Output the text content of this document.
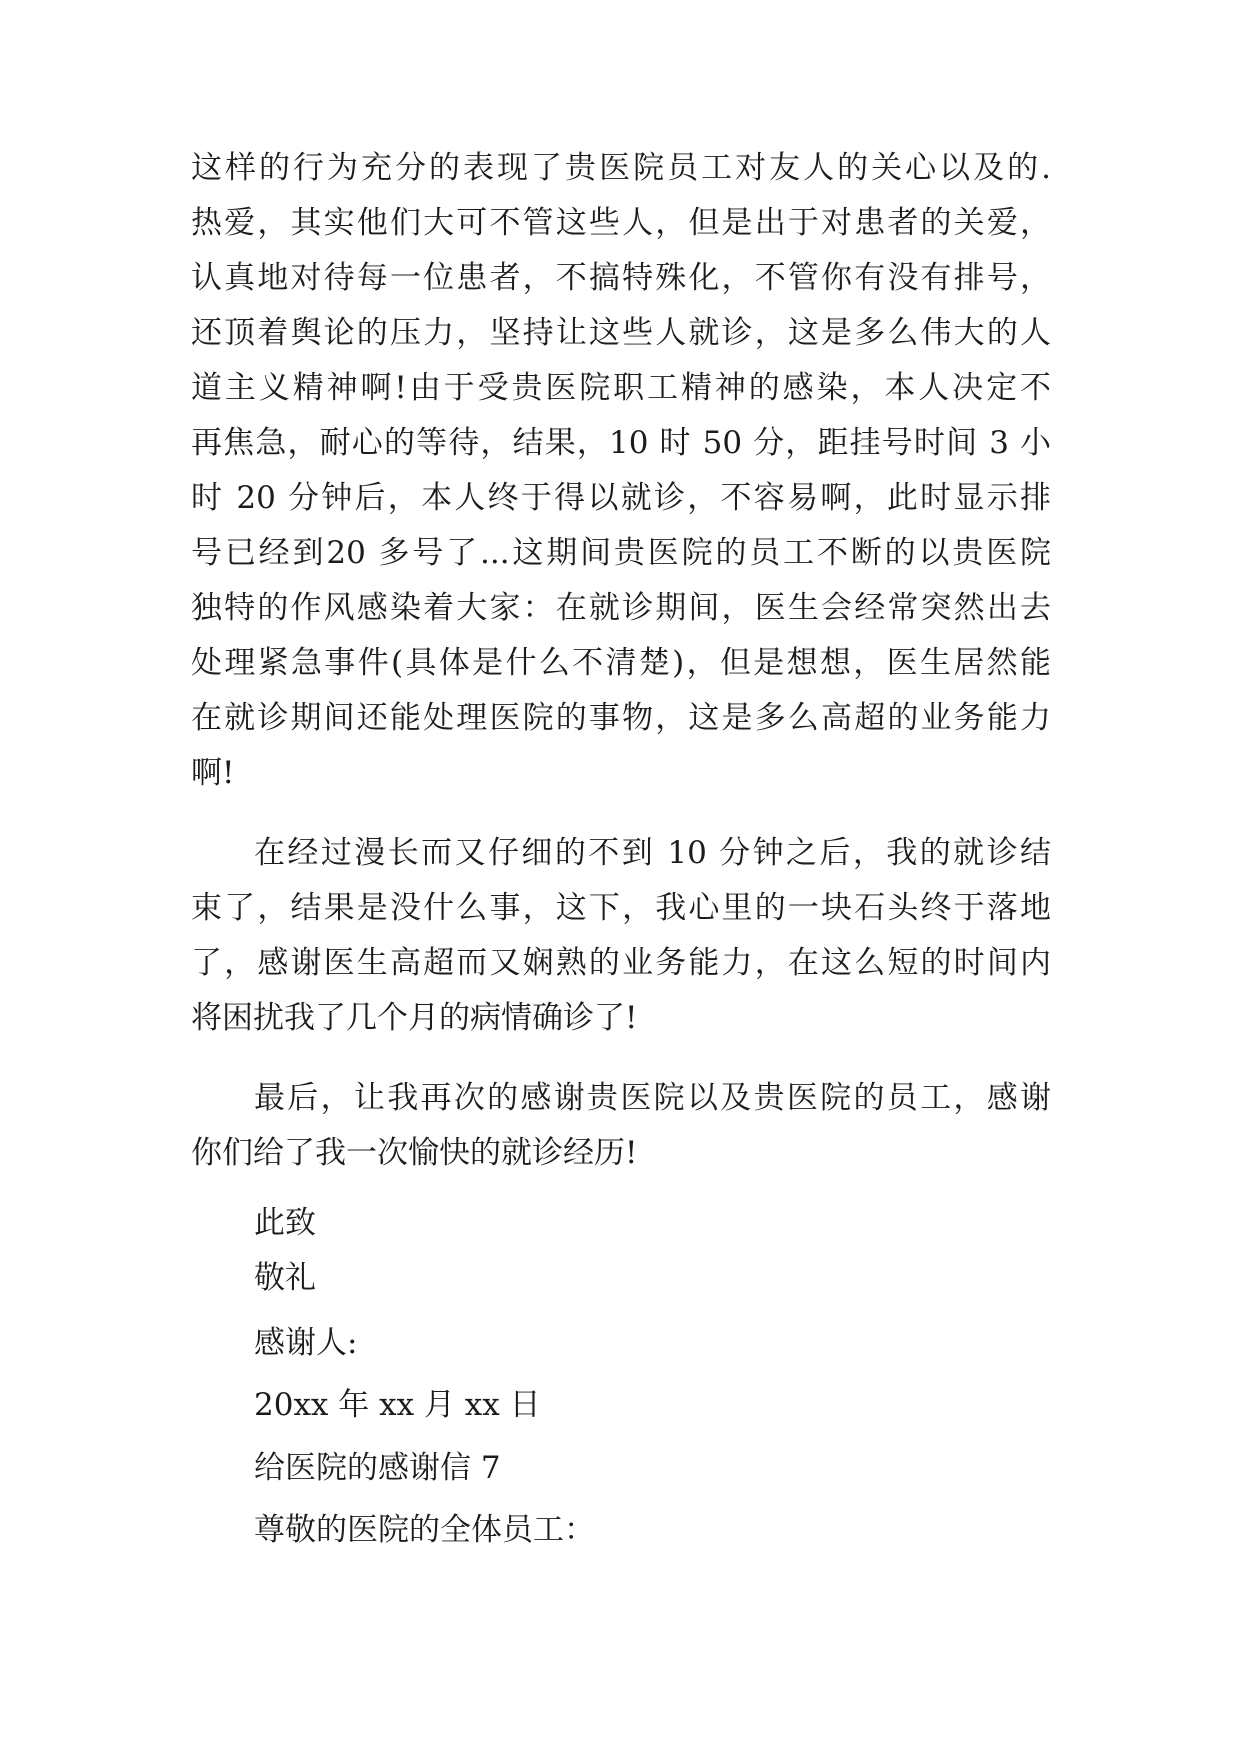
这样的行为充分的表现了贵医院员工对友人的关心以及的.
热爱，其实他们大可不管这些人，但是出于对患者的关爱，
认真地对待每一位患者，不搞特殊化，不管你有没有排号，
还顶着舆论的压力，坚持让这些人就诊，这是多么伟大的人
道主义精神啊!由于受贵医院职工精神的感染，本人决定不
再焦急，耐心的等待，结果，10 时 50 分，距挂号时间 3 小
时 20 分钟后，本人终于得以就诊，不容易啊，此时显示排
号已经到20 多号了...这期间贵医院的员工不断的以贵医院
独特的作风感染着大家：在就诊期间，医生会经常突然出去
处理紧急事件(具体是什么不清楚)，但是想想，医生居然能
在就诊期间还能处理医院的事物，这是多么高超的业务能力
啊!
在经过漫长而又仔细的不到 10 分钟之后，我的就诊结
束了，结果是没什么事，这下，我心里的一块石头终于落地
了，感谢医生高超而又娴熟的业务能力，在这么短的时间内
将困扰我了几个月的病情确诊了!
最后，让我再次的感谢贵医院以及贵医院的员工，感谢
你们给了我一次愉快的就诊经历!
此致
敬礼
感谢人:
20xx 年 xx 月 xx 日
给医院的感谢信 7
尊敬的医院的全体员工：
